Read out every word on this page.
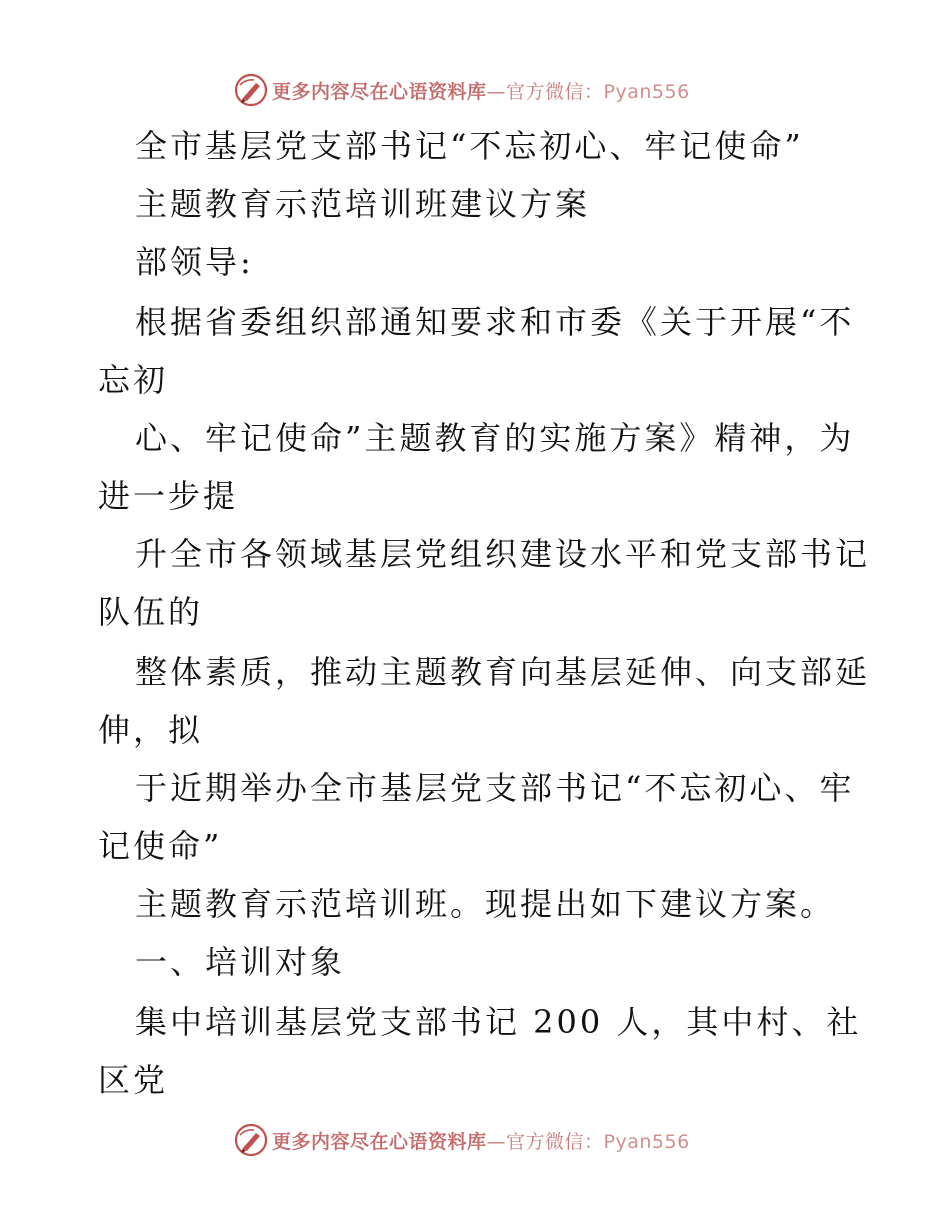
更多内容尽在心语资料库—官方微信：Pyan556
全市基层党支部书记“不忘初心、牢记使命”
主题教育示范培训班建议方案
部领导:
根据省委组织部通知要求和市委《关于开展“不
忘初
心、牢记使命”主题教育的实施方案》精神，为
进一步提
升全市各领域基层党组织建设水平和党支部书记
队伍的
整体素质，推动主题教育向基层延伸、向支部延
伸，拟
于近期举办全市基层党支部书记“不忘初心、牢
记使命”
主题教育示范培训班。现提出如下建议方案。
一、培训对象
集中培训基层党支部书记 200 人，其中村、社
区党
更多内容尽在心语资料库—官方微信：Pyan556
